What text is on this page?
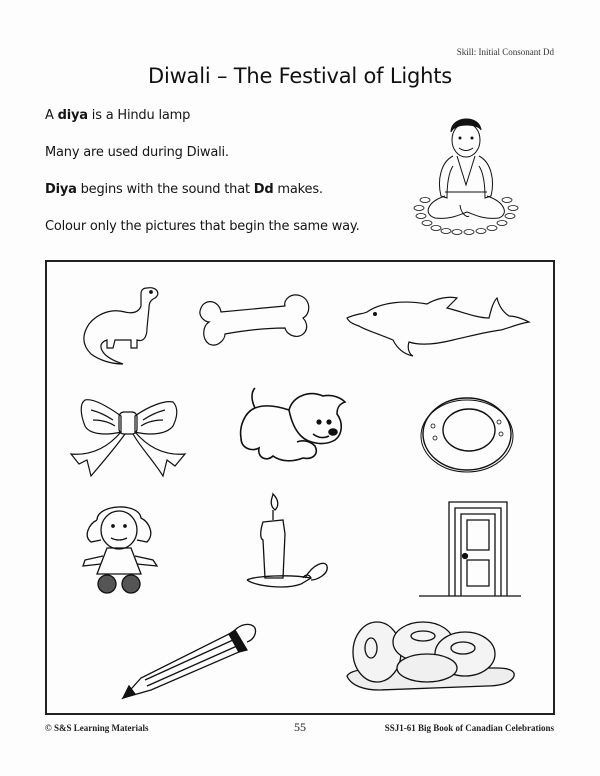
Skill: Initial Consonant Dd
Diwali – The Festival of Lights
A diya is a Hindu lamp
Many are used during Diwali.
Diya begins with the sound that Dd makes.
Colour only the pictures that begin the same way.
© S&S Learning Materials	55	SSJ1-61 Big Book of Canadian Celebrations
